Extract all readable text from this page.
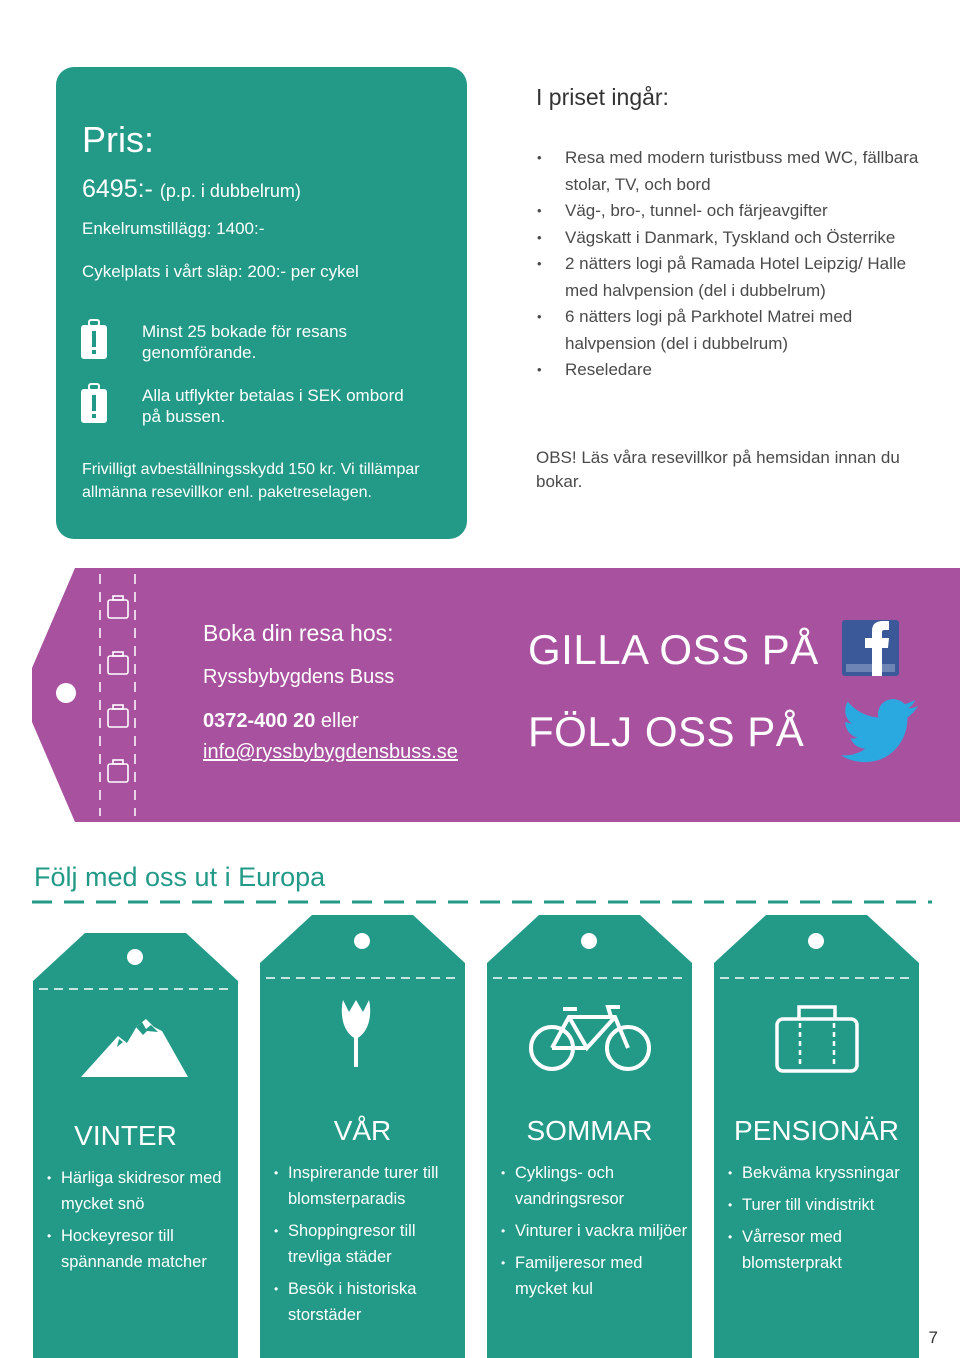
Pris:
6495:- (p.p. i dubbelrum)
Enkelrumstillägg: 1400:-
Cykelplats i vårt släp: 200:- per cykel
Minst 25 bokade för resans genomförande.
Alla utflykter betalas i SEK ombord på bussen.
Frivilligt avbeställningsskydd 150 kr. Vi tillämpar allmänna resevillkor enl. paketreselagen.
I priset ingår:
• Resa med modern turistbuss med WC, fällbara stolar, TV, och bord
• Väg-, bro-, tunnel- och färjeavgifter
• Vägskatt i Danmark, Tyskland och Österrike
• 2 nätters logi på Ramada Hotel Leipzig/ Halle med halvpension (del i dubbelrum)
• 6 nätters logi på Parkhotel Matrei med halvpension (del i dubbelrum)
• Reseledare
OBS! Läs våra resevillkor på hemsidan innan du bokar.
Boka din resa hos:
Ryssbybygdens Buss
0372-400 20 eller
info@ryssbybygdensbuss.se
GILLA OSS PÅ
FÖLJ OSS PÅ
Följ med oss ut i Europa
VINTER
• Härliga skidresor med mycket snö
• Hockeyresor till spännande matcher
VÅR
• Inspirerande turer till blomsterparadis
• Shoppingresor till trevliga städer
• Besök i historiska storstäder
SOMMAR
• Cyklings- och vandringsresor
• Vinturer i vackra miljöer
• Familjeresor med mycket kul
PENSIONÄR
• Bekväma kryssningar
• Turer till vindistrikt
• Vårresor med blomsterprakt
7
